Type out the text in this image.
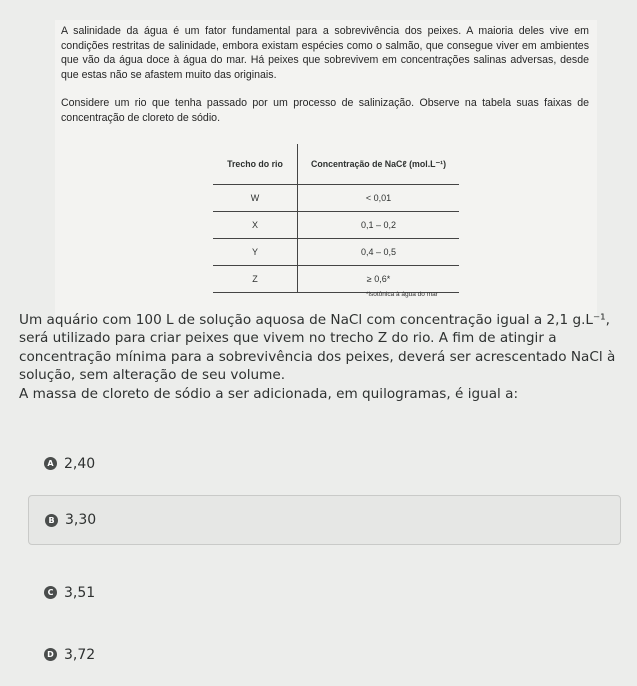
A salinidade da água é um fator fundamental para a sobrevivência dos peixes. A maioria deles vive em condições restritas de salinidade, embora existam espécies como o salmão, que consegue viver em ambientes que vão da água doce à água do mar. Há peixes que sobrevivem em concentrações salinas adversas, desde que estas não se afastem muito das originais.

Considere um rio que tenha passado por um processo de salinização. Observe na tabela suas faixas de concentração de cloreto de sódio.

Trecho do rio	Concentração de NaCℓ (mol.L⁻¹)
W	< 0,01
X	0,1 – 0,2
Y	0,4 – 0,5
Z	≥ 0,6*
*isotônica à água do mar
Um aquário com 100 L de solução aquosa de NaCl com concentração igual a 2,1 g.L⁻¹, será utilizado para criar peixes que vivem no trecho Z do rio. A fim de atingir a concentração mínima para a sobrevivência dos peixes, deverá ser acrescentado NaCl à solução, sem alteração de seu volume.
A massa de cloreto de sódio a ser adicionada, em quilogramas, é igual a:
A 2,40
B 3,30
C 3,51
D 3,72
